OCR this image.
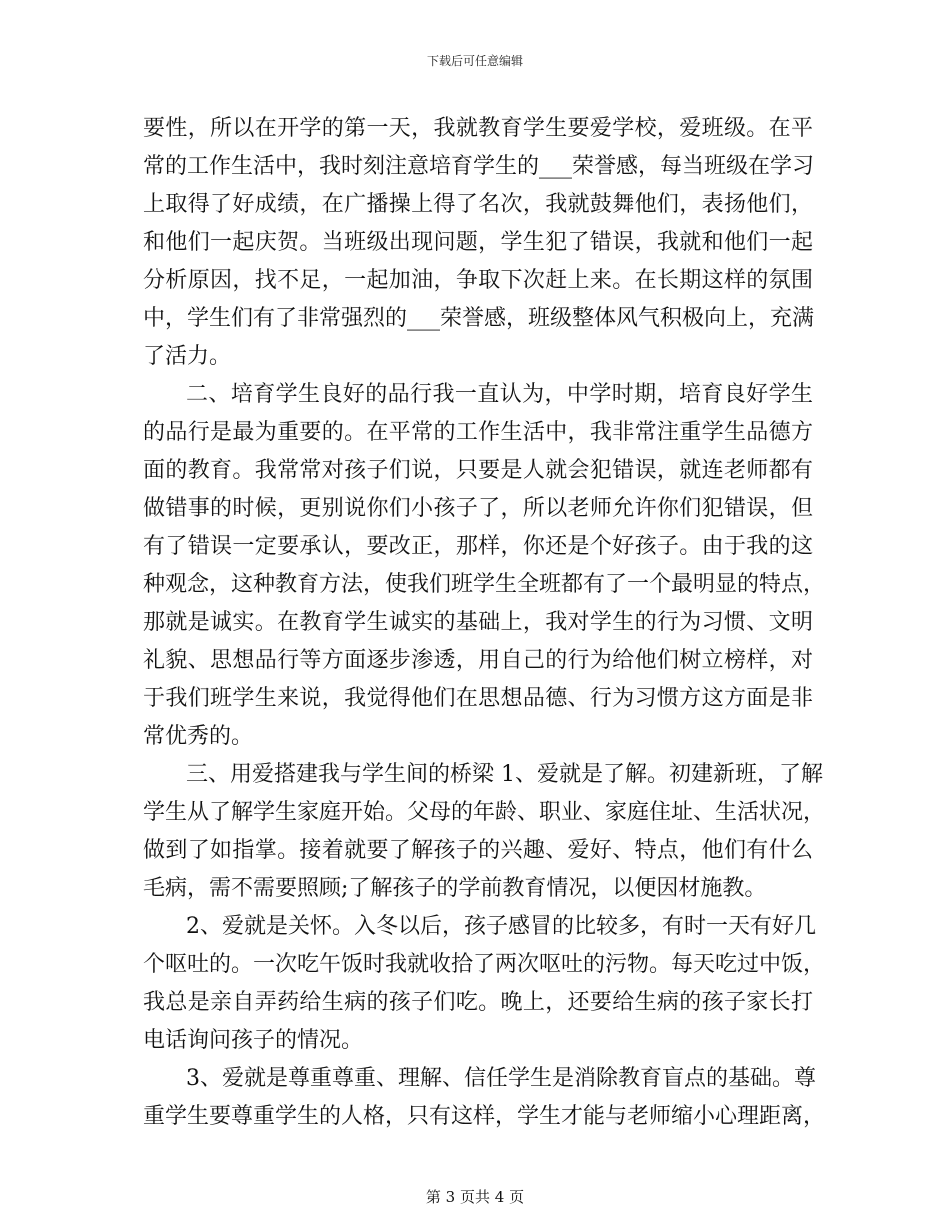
下载后可任意编辑
要性，所以在开学的第一天，我就教育学生要爱学校，爱班级。在平
常的工作生活中，我时刻注意培育学生的___荣誉感，每当班级在学习
上取得了好成绩，在广播操上得了名次，我就鼓舞他们，表扬他们，
和他们一起庆贺。当班级出现问题，学生犯了错误，我就和他们一起
分析原因，找不足，一起加油，争取下次赶上来。在长期这样的氛围
中，学生们有了非常强烈的___荣誉感，班级整体风气积极向上，充满
了活力。
二、培育学生良好的品行我一直认为，中学时期，培育良好学生
的品行是最为重要的。在平常的工作生活中，我非常注重学生品德方
面的教育。我常常对孩子们说，只要是人就会犯错误，就连老师都有
做错事的时候，更别说你们小孩子了，所以老师允许你们犯错误，但
有了错误一定要承认，要改正，那样，你还是个好孩子。由于我的这
种观念，这种教育方法，使我们班学生全班都有了一个最明显的特点，
那就是诚实。在教育学生诚实的基础上，我对学生的行为习惯、文明
礼貌、思想品行等方面逐步渗透，用自己的行为给他们树立榜样，对
于我们班学生来说，我觉得他们在思想品德、行为习惯方这方面是非
常优秀的。
三、用爱搭建我与学生间的桥梁 1、爱就是了解。初建新班，了解
学生从了解学生家庭开始。父母的年龄、职业、家庭住址、生活状况，
做到了如指掌。接着就要了解孩子的兴趣、爱好、特点，他们有什么
毛病，需不需要照顾;了解孩子的学前教育情况，以便因材施教。
2、爱就是关怀。入冬以后，孩子感冒的比较多，有时一天有好几
个呕吐的。一次吃午饭时我就收拾了两次呕吐的污物。每天吃过中饭，
我总是亲自弄药给生病的孩子们吃。晚上，还要给生病的孩子家长打
电话询问孩子的情况。
3、爱就是尊重尊重、理解、信任学生是消除教育盲点的基础。尊
重学生要尊重学生的人格，只有这样，学生才能与老师缩小心理距离，
第 3 页共 4 页
